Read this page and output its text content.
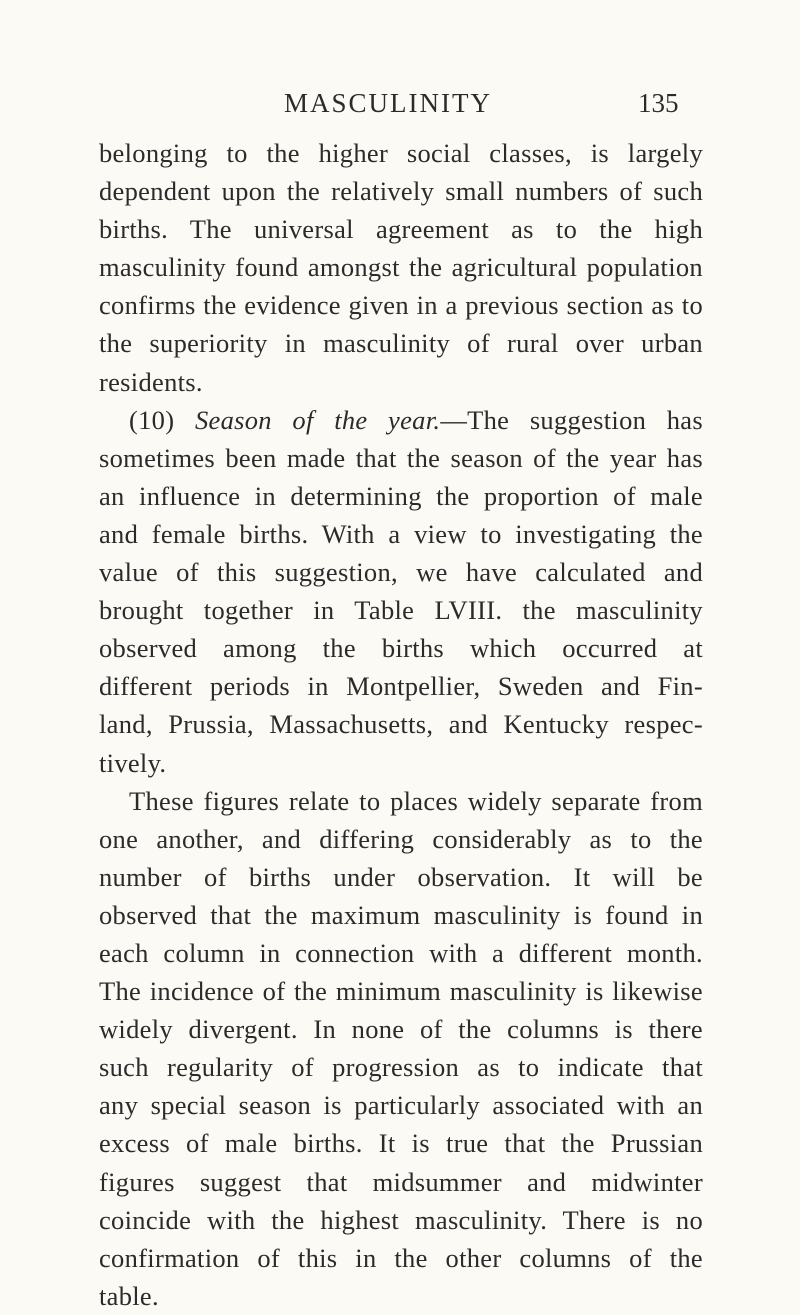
MASCULINITY	135

belonging to the higher social classes, is largely
dependent upon the relatively small numbers of such
births. The universal agreement as to the high
masculinity found amongst the agricultural population
confirms the evidence given in a previous section as to
the superiority in masculinity of rural over urban
residents.

(10) Season of the year.—The suggestion has
sometimes been made that the season of the year has
an influence in determining the proportion of male
and female births. With a view to investigating the
value of this suggestion, we have calculated and
brought together in Table LVIII. the masculinity
observed among the births which occurred at
different periods in Montpellier, Sweden and Fin-
land, Prussia, Massachusetts, and Kentucky respec-
tively.

These figures relate to places widely separate from
one another, and differing considerably as to the
number of births under observation. It will be
observed that the maximum masculinity is found in
each column in connection with a different month.
The incidence of the minimum masculinity is likewise
widely divergent. In none of the columns is there
such regularity of progression as to indicate that
any special season is particularly associated with an
excess of male births. It is true that the Prussian
figures suggest that midsummer and midwinter
coincide with the highest masculinity. There is no
confirmation of this in the other columns of the
table.
